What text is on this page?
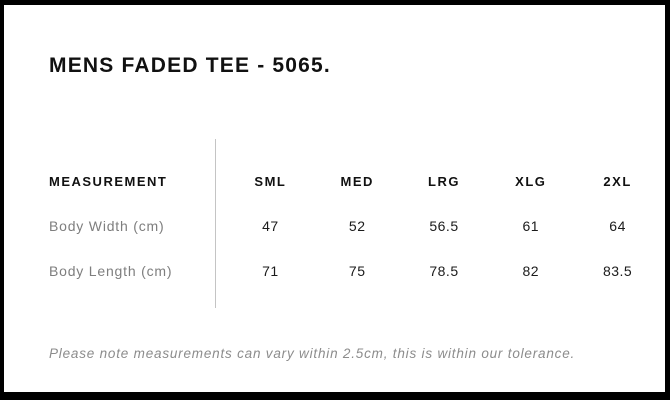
MENS FADED TEE - 5065.
MEASUREMENT	SML	MED	LRG	XLG	2XL
Body Width (cm)	47	52	56.5	61	64
Body Length (cm)	71	75	78.5	82	83.5
Please note measurements can vary within 2.5cm, this is within our tolerance.
